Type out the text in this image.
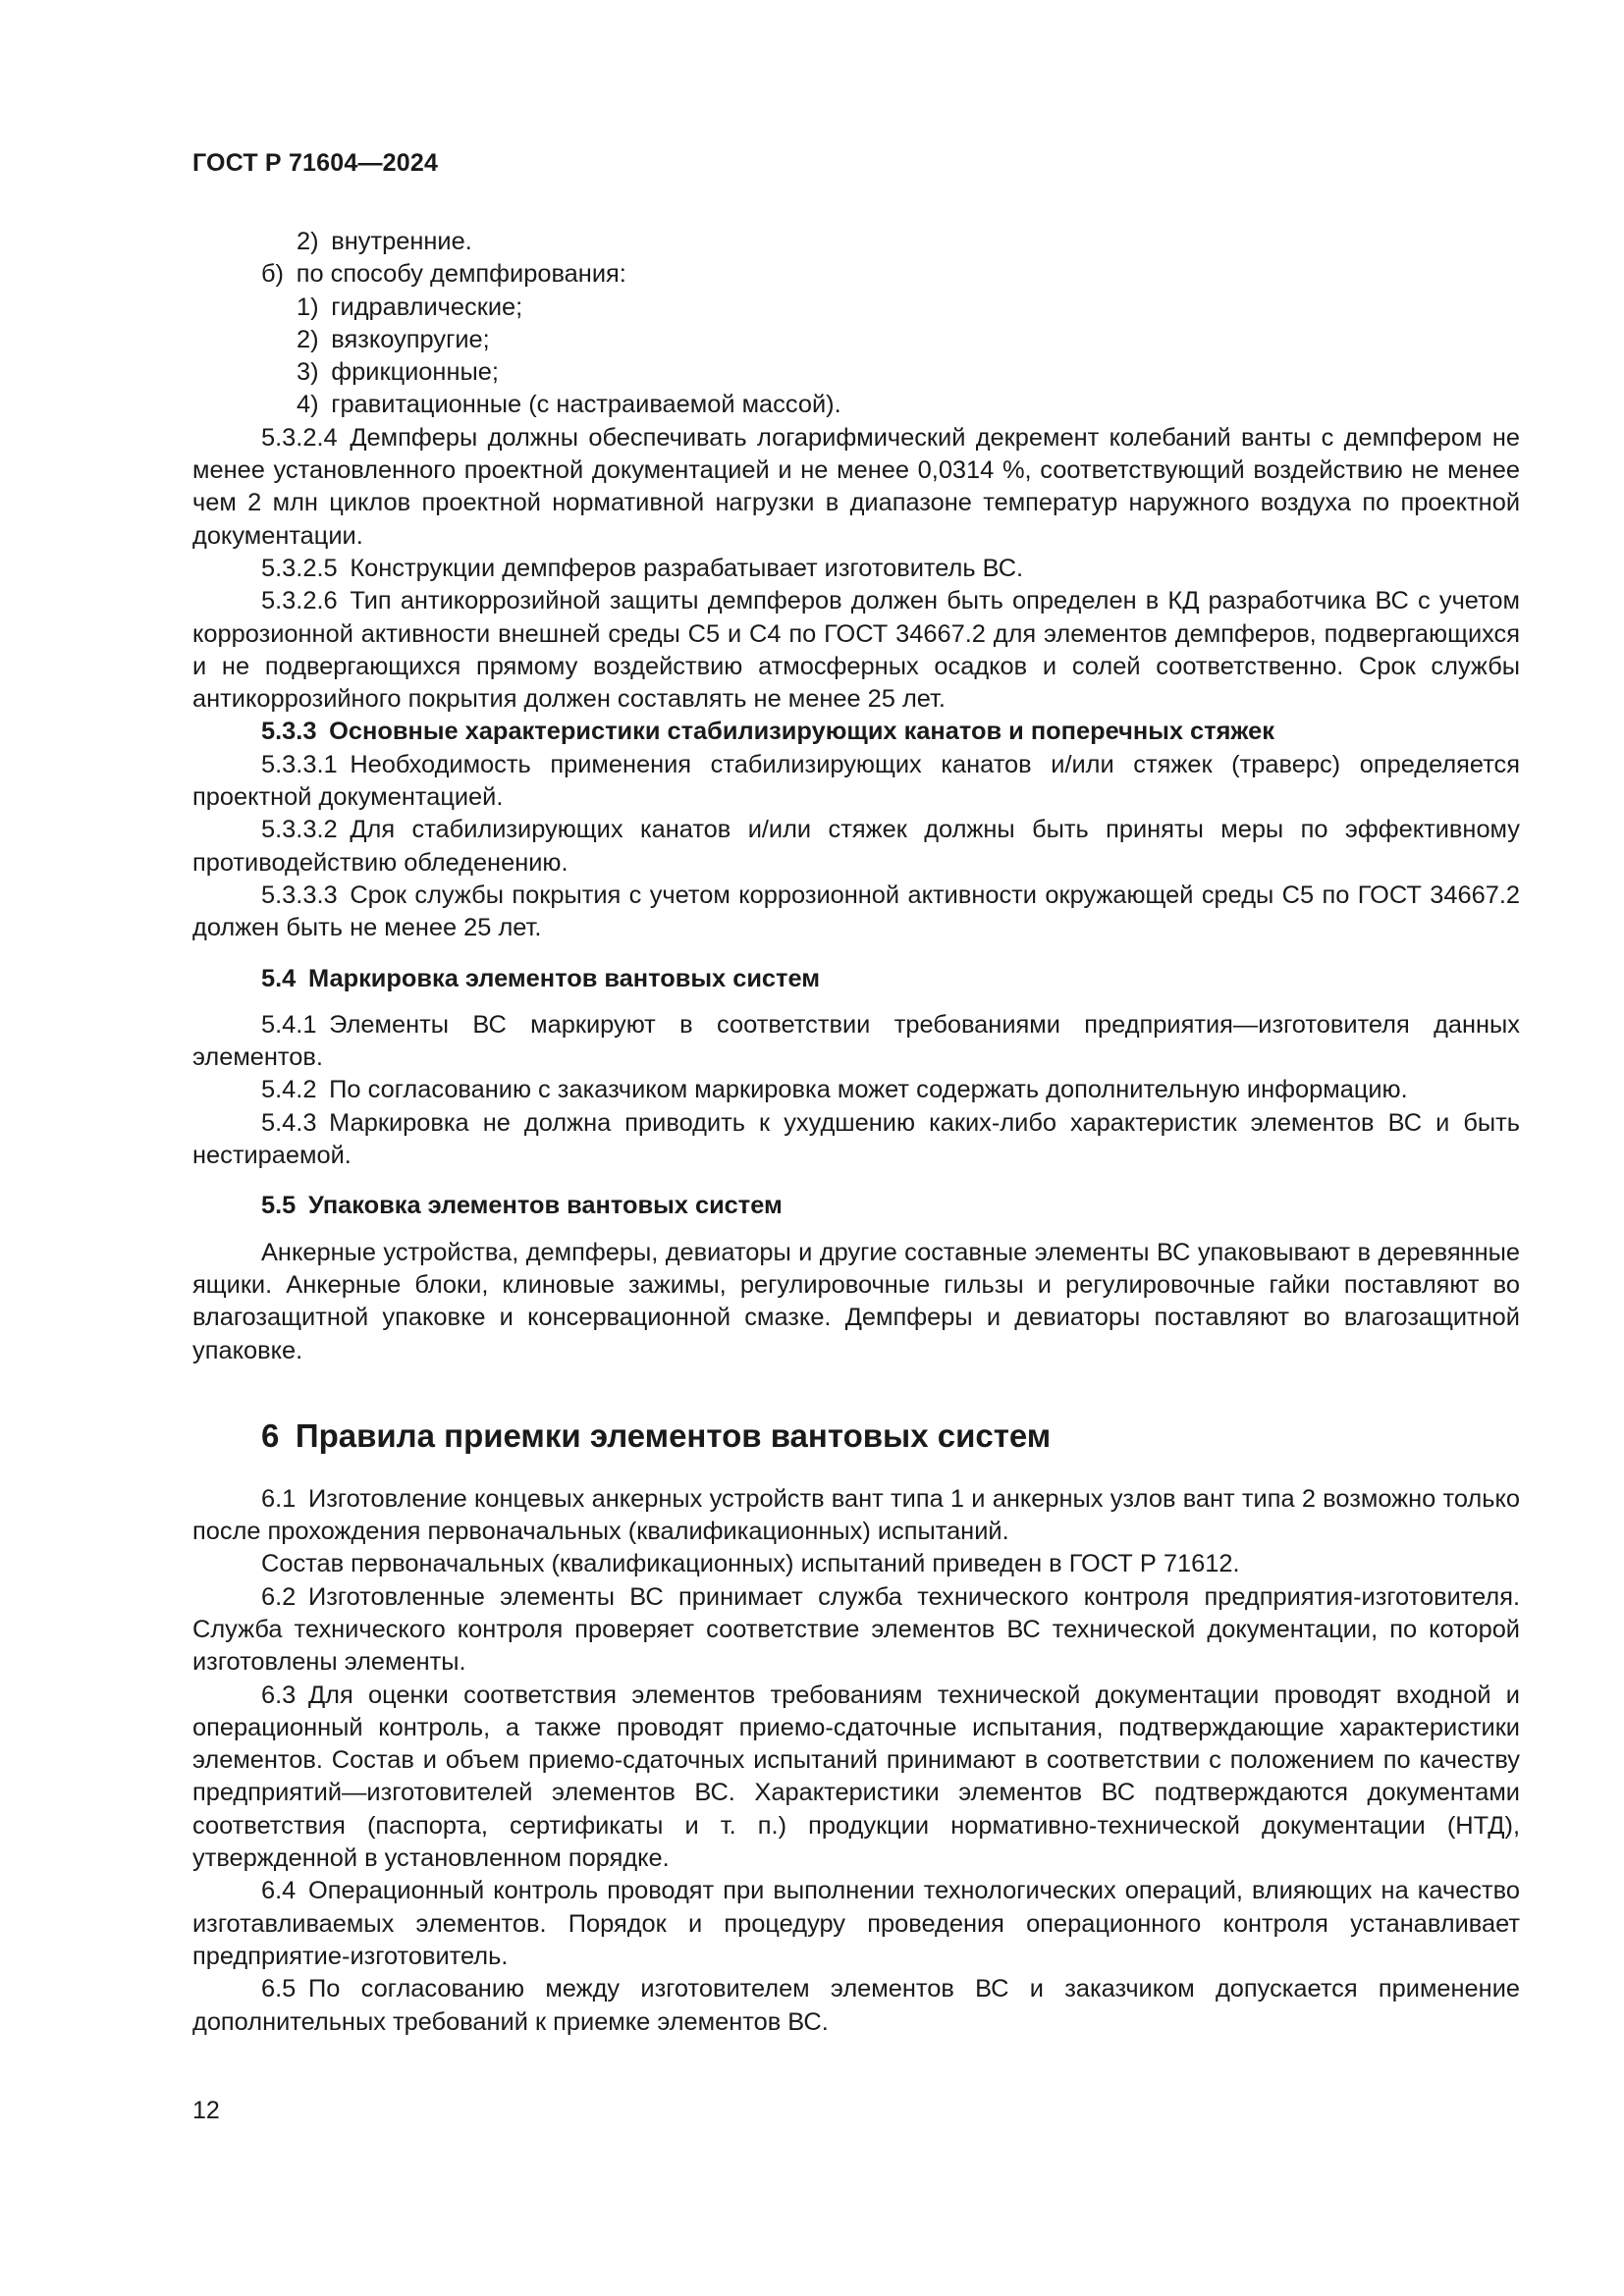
ГОСТ Р 71604—2024

2) внутренние.

б) по способу демпфирования:

1) гидравлические;

2) вязкоупругие;

3) фрикционные;

4) гравитационные (с настраиваемой массой).

5.3.2.4 Демпферы должны обеспечивать логарифмический декремент колебаний ванты с демпфером не менее установленного проектной документацией и не менее 0,0314 %, соответствующий воздействию не менее чем 2 млн циклов проектной нормативной нагрузки в диапазоне температур наружного воздуха по проектной документации.

5.3.2.5 Конструкции демпферов разрабатывает изготовитель ВС.

5.3.2.6 Тип антикоррозийной защиты демпферов должен быть определен в КД разработчика ВС с учетом коррозионной активности внешней среды С5 и С4 по ГОСТ 34667.2 для элементов демпферов, подвергающихся и не подвергающихся прямому воздействию атмосферных осадков и солей соответственно. Срок службы антикоррозийного покрытия должен составлять не менее 25 лет.

5.3.3 Основные характеристики стабилизирующих канатов и поперечных стяжек

5.3.3.1 Необходимость применения стабилизирующих канатов и/или стяжек (траверс) определяется проектной документацией.

5.3.3.2 Для стабилизирующих канатов и/или стяжек должны быть приняты меры по эффективному противодействию обледенению.

5.3.3.3 Срок службы покрытия с учетом коррозионной активности окружающей среды С5 по ГОСТ 34667.2 должен быть не менее 25 лет.

5.4 Маркировка элементов вантовых систем

5.4.1 Элементы ВС маркируют в соответствии требованиями предприятия—изготовителя данных элементов.

5.4.2 По согласованию с заказчиком маркировка может содержать дополнительную информацию.

5.4.3 Маркировка не должна приводить к ухудшению каких-либо характеристик элементов ВС и быть нестираемой.

5.5 Упаковка элементов вантовых систем

Анкерные устройства, демпферы, девиаторы и другие составные элементы ВС упаковывают в деревянные ящики. Анкерные блоки, клиновые зажимы, регулировочные гильзы и регулировочные гайки поставляют во влагозащитной упаковке и консервационной смазке. Демпферы и девиаторы поставляют во влагозащитной упаковке.

6 Правила приемки элементов вантовых систем

6.1 Изготовление концевых анкерных устройств вант типа 1 и анкерных узлов вант типа 2 возможно только после прохождения первоначальных (квалификационных) испытаний.

Состав первоначальных (квалификационных) испытаний приведен в ГОСТ Р 71612.

6.2 Изготовленные элементы ВС принимает служба технического контроля предприятия-изготовителя. Служба технического контроля проверяет соответствие элементов ВС технической документации, по которой изготовлены элементы.

6.3 Для оценки соответствия элементов требованиям технической документации проводят входной и операционный контроль, а также проводят приемо-сдаточные испытания, подтверждающие характеристики элементов. Состав и объем приемо-сдаточных испытаний принимают в соответствии с положением по качеству предприятий—изготовителей элементов ВС. Характеристики элементов ВС подтверждаются документами соответствия (паспорта, сертификаты и т. п.) продукции нормативно-технической документации (НТД), утвержденной в установленном порядке.

6.4 Операционный контроль проводят при выполнении технологических операций, влияющих на качество изготавливаемых элементов. Порядок и процедуру проведения операционного контроля устанавливает предприятие-изготовитель.

6.5 По согласованию между изготовителем элементов ВС и заказчиком допускается применение дополнительных требований к приемке элементов ВС.

12
